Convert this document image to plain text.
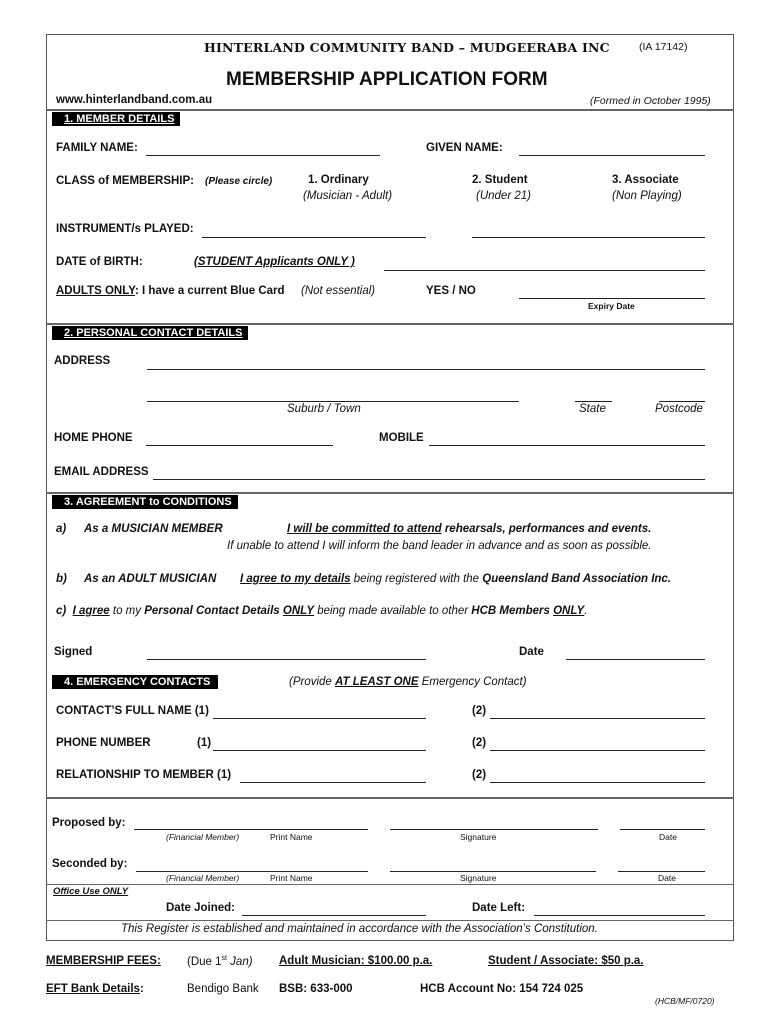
HINTERLAND COMMUNITY BAND – MUDGEERABA INC	(IA 17142)
MEMBERSHIP APPLICATION FORM
www.hinterlandband.com.au	(Formed in October 1995)
1. MEMBER DETAILS
FAMILY NAME:	GIVEN NAME:
CLASS of MEMBERSHIP: (Please circle)	1. Ordinary
(Musician - Adult)
2. Student
(Under 21)
3. Associate
(Non Playing)
INSTRUMENT/s PLAYED:
DATE of BIRTH:	(STUDENT Applicants ONLY )
ADULTS ONLY: I have a current Blue Card (Not essential)	YES / NO
Expiry Date
2. PERSONAL CONTACT DETAILS
ADDRESS
Suburb / Town	State	Postcode
HOME PHONE	MOBILE
EMAIL ADDRESS
3. AGREEMENT to CONDITIONS
a) As a MUSICIAN MEMBER	I will be committed to attend rehearsals, performances and events.
If unable to attend I will inform the band leader in advance and as soon as possible.
b) As an ADULT MUSICIAN I agree to my details being registered with the Queensland Band Association Inc.
c) I agree to my Personal Contact Details ONLY being made available to other HCB Members ONLY.
Signed	Date
4. EMERGENCY CONTACTS	(Provide AT LEAST ONE Emergency Contact)
CONTACT’S FULL NAME (1)	(2)
PHONE NUMBER	(1)	(2)
RELATIONSHIP TO MEMBER (1)	(2)
Proposed by:
(Financial Member)	Print Name	Signature	Date
Seconded by:
(Financial Member)	Print Name	Signature	Date
Office Use ONLY
Date Joined:	Date Left:
This Register is established and maintained in accordance with the Association’s Constitution.
MEMBERSHIP FEES: (Due 1st Jan) Adult Musician: $100.00 p.a.	Student / Associate: $50 p.a.
EFT Bank Details:	Bendigo Bank BSB: 633-000	HCB Account No: 154 724 025
(HCB/MF/0720)
